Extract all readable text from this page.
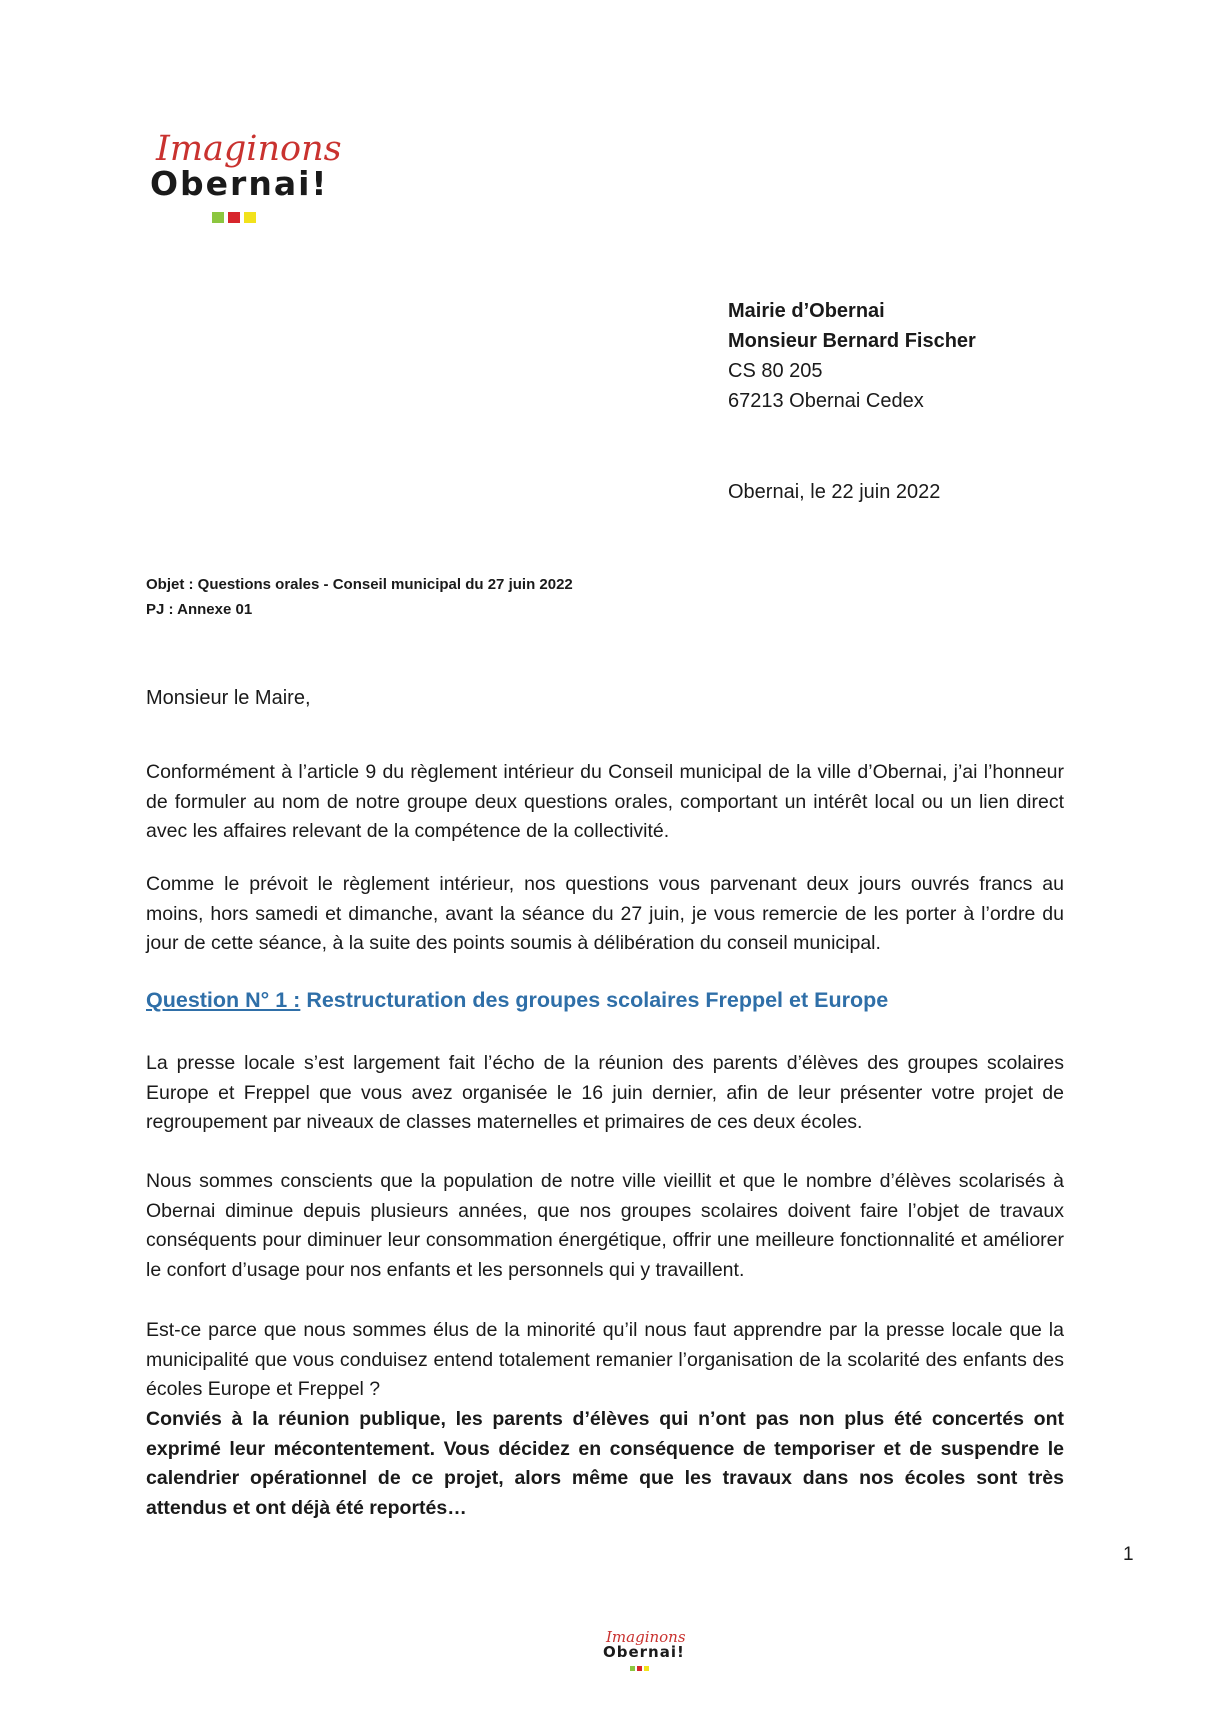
Imaginons
Obernai!
Mairie d’Obernai
Monsieur Bernard Fischer
CS 80 205
67213 Obernai Cedex
Obernai, le 22 juin 2022
Objet : Questions orales - Conseil municipal du 27 juin 2022
PJ : Annexe 01
Monsieur le Maire,

Conformément à l’article 9 du règlement intérieur du Conseil municipal de la ville d’Obernai, j’ai l’honneur de formuler au nom de notre groupe deux questions orales, comportant un intérêt local ou un lien direct avec les affaires relevant de la compétence de la collectivité.

Comme le prévoit le règlement intérieur, nos questions vous parvenant deux jours ouvrés francs au moins, hors samedi et dimanche, avant la séance du 27 juin, je vous remercie de les porter à l’ordre du jour de cette séance, à la suite des points soumis à délibération du conseil municipal.

Question N° 1 : Restructuration des groupes scolaires Freppel et Europe

La presse locale s’est largement fait l’écho de la réunion des parents d’élèves des groupes scolaires Europe et Freppel que vous avez organisée le 16 juin dernier, afin de leur présenter votre projet de regroupement par niveaux de classes maternelles et primaires de ces deux écoles.

Nous sommes conscients que la population de notre ville vieillit et que le nombre d’élèves scolarisés à Obernai diminue depuis plusieurs années, que nos groupes scolaires doivent faire l’objet de travaux conséquents pour diminuer leur consommation énergétique, offrir une meilleure fonctionnalité et améliorer le confort d’usage pour nos enfants et les personnels qui y travaillent.

Est-ce parce que nous sommes élus de la minorité qu’il nous faut apprendre par la presse locale que la municipalité que vous conduisez entend totalement remanier l’organisation de la scolarité des enfants des écoles Europe et Freppel ?

Conviés à la réunion publique, les parents d’élèves qui n’ont pas non plus été concertés ont exprimé leur mécontentement. Vous décidez en conséquence de temporiser et de suspendre le calendrier opérationnel de ce projet, alors même que les travaux dans nos écoles sont très attendus et ont déjà été reportés…

1
Imaginons
Obernai!
